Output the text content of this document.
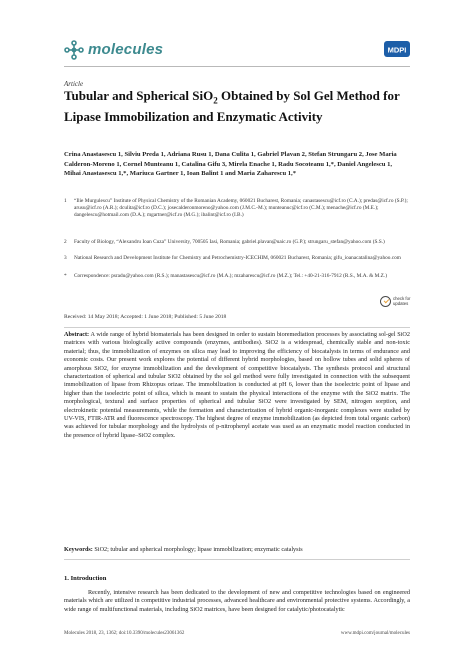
molecules	MDPI
Article
Tubular and Spherical SiO$_2$ Obtained by Sol Gel Method for Lipase Immobilization and Enzymatic Activity
Crina Anastasescu 1, Silviu Preda 1, Adriana Rusu 1, Dana Culita 1, Gabriel Plavan 2, Stefan Strungaru 2, Jose Maria Calderon-Moreno 1, Cornel Munteanu 1, Catalina Gifu 3, Mirela Enache 1, Radu Socoteanu 1,*, Daniel Angelescu 1, Mihai Anastasescu 1,*, Mariuca Gartner 1, Ioan Balint 1 and Maria Zaharescu 1,*
1	“Ilie Murgulescu” Institute of Physical Chemistry of the Romanian Academy, 060021 Bucharest, Romania; canastasescu@icf.ro (C.A.); predas@icf.ro (S.P.); arusu@icf.ro (A.R.); dculita@icf.ro (D.C.); josecalderonmoreno@yahoo.com (J.M.C.-M.); munteanuc@icf.ro (C.M.); menache@icf.ro (M.E.); dangelescu@hotmail.com (D.A.); mgartner@icf.ro (M.G.); ibalint@icf.ro (I.B.)
2	Faculty of Biology, “Alexandru Ioan Cuza” University, 700505 Iasi, Romania; gabriel.plavan@uaic.ro (G.P.); strungaru_stefan@yahoo.com (S.S.)
3	National Research and Development Institute for Chemistry and Petrochemistry-ICECHIM, 060021 Bucharest, Romania; gifu_ioanacatalina@yahoo.com
*	Correspondence: psradu@yahoo.com (R.S.); manastasescu@icf.ro (M.A.); mzaharescu@icf.ro (M.Z.); Tel.: +40-21-316-7912 (R.S., M.A. & M.Z.)
check for
updates
Received: 14 May 2018; Accepted: 1 June 2018; Published: 5 June 2018
Abstract: A wide range of hybrid biomaterials has been designed in order to sustain bioremediation processes by associating sol-gel SiO2 matrices with various biologically active compounds (enzymes, antibodies). SiO2 is a widespread, chemically stable and non-toxic material; thus, the immobilization of enzymes on silica may lead to improving the efficiency of biocatalysts in terms of endurance and economic costs. Our present work explores the potential of different hybrid morphologies, based on hollow tubes and solid spheres of amorphous SiO2, for enzyme immobilization and the development of competitive biocatalysts. The synthesis protocol and structural characterization of spherical and tubular SiO2 obtained by the sol gel method were fully investigated in connection with the subsequent immobilization of lipase from Rhizopus orizae. The immobilization is conducted at pH 6, lower than the isoelectric point of lipase and higher than the isoelectric point of silica, which is meant to sustain the physical interactions of the enzyme with the SiO2 matrix. The morphological, textural and surface properties of spherical and tubular SiO2 were investigated by SEM, nitrogen sorption, and electrokinetic potential measurements, while the formation and characterization of hybrid organic-inorganic complexes were studied by UV-VIS, FTIR-ATR and fluorescence spectroscopy. The highest degree of enzyme immobilization (as depicted from total organic carbon) was achieved for tubular morphology and the hydrolysis of p-nitrophenyl acetate was used as an enzymatic model reaction conducted in the presence of hybrid lipase–SiO2 complex.
Keywords: SiO2; tubular and spherical morphology; lipase immobilization; enzymatic catalysis
1. Introduction
Recently, intensive research has been dedicated to the development of new and competitive technologies based on engineered materials which are utilized in competitive industrial processes, advanced healthcare and environmental protective systems. Accordingly, a wide range of multifunctional materials, including SiO2 matrices, have been designed for catalytic/photocatalytic
Molecules 2018, 23, 1362; doi:10.3390/molecules23061362	www.mdpi.com/journal/molecules
